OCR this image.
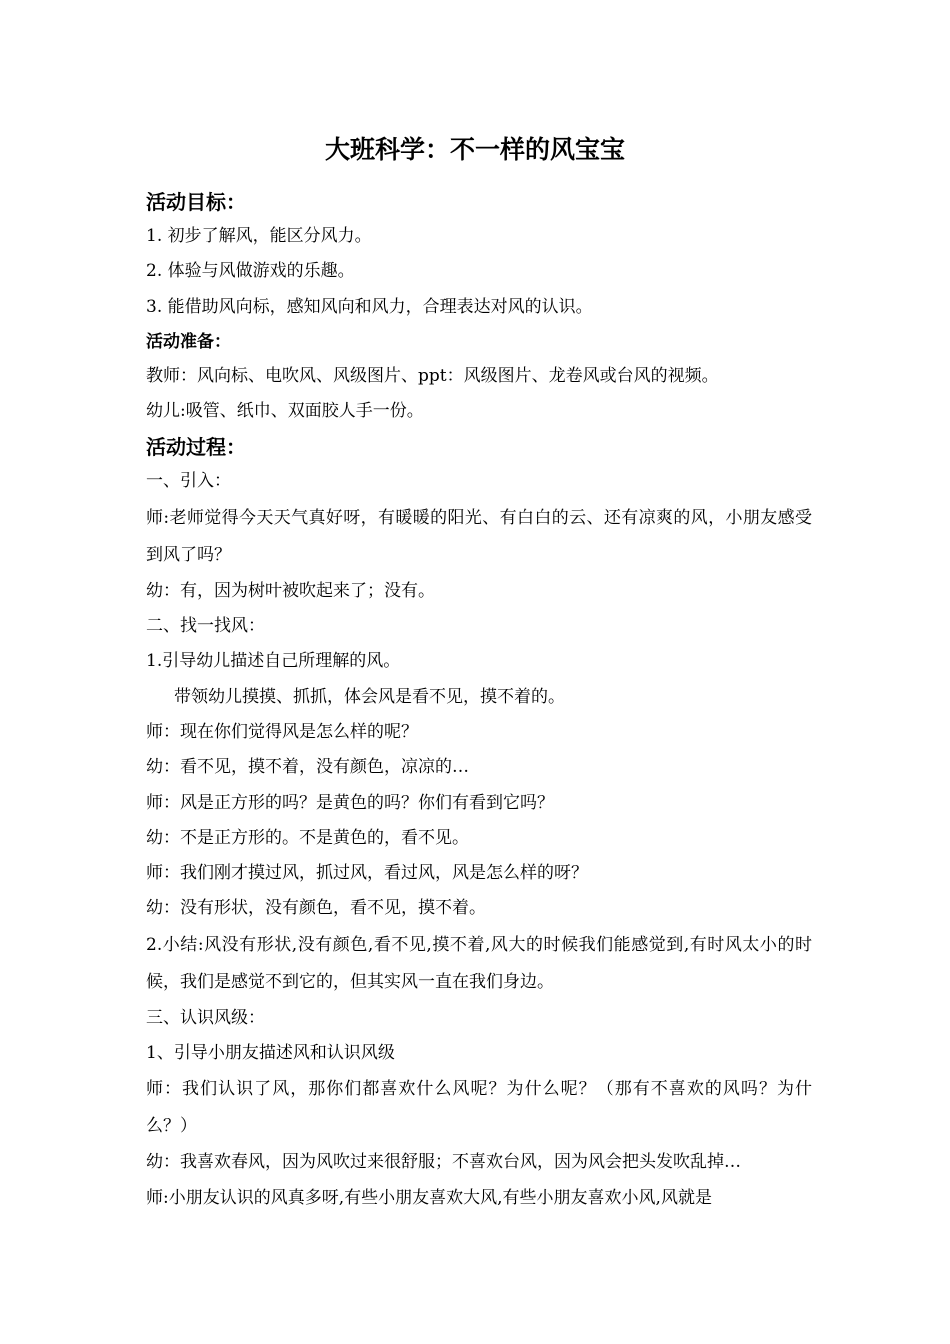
大班科学：不一样的风宝宝
活动目标：
1. 初步了解风，能区分风力。
2. 体验与风做游戏的乐趣。
3. 能借助风向标，感知风向和风力，合理表达对风的认识。
活动准备：
教师：风向标、电吹风、风级图片、ppt：风级图片、龙卷风或台风的视频。
幼儿:吸管、纸巾、双面胶人手一份。
活动过程：
一、引入：
师:老师觉得今天天气真好呀，有暖暖的阳光、有白白的云、还有凉爽的风，小朋友感受到风了吗？
幼：有，因为树叶被吹起来了；没有。
二、找一找风：
1.引导幼儿描述自己所理解的风。
带领幼儿摸摸、抓抓，体会风是看不见，摸不着的。
师：现在你们觉得风是怎么样的呢？
幼：看不见，摸不着，没有颜色，凉凉的…
师：风是正方形的吗？是黄色的吗？你们有看到它吗？
幼：不是正方形的。不是黄色的，看不见。
师：我们刚才摸过风，抓过风，看过风，风是怎么样的呀？
幼：没有形状，没有颜色，看不见，摸不着。
2.小结:风没有形状,没有颜色,看不见,摸不着,风大的时候我们能感觉到,有时风太小的时候，我们是感觉不到它的，但其实风一直在我们身边。
三、认识风级：
1、引导小朋友描述风和认识风级
师：我们认识了风，那你们都喜欢什么风呢？为什么呢？（那有不喜欢的风吗？为什么？）
幼：我喜欢春风，因为风吹过来很舒服；不喜欢台风，因为风会把头发吹乱掉…
师:小朋友认识的风真多呀,有些小朋友喜欢大风,有些小朋友喜欢小风,风就是
